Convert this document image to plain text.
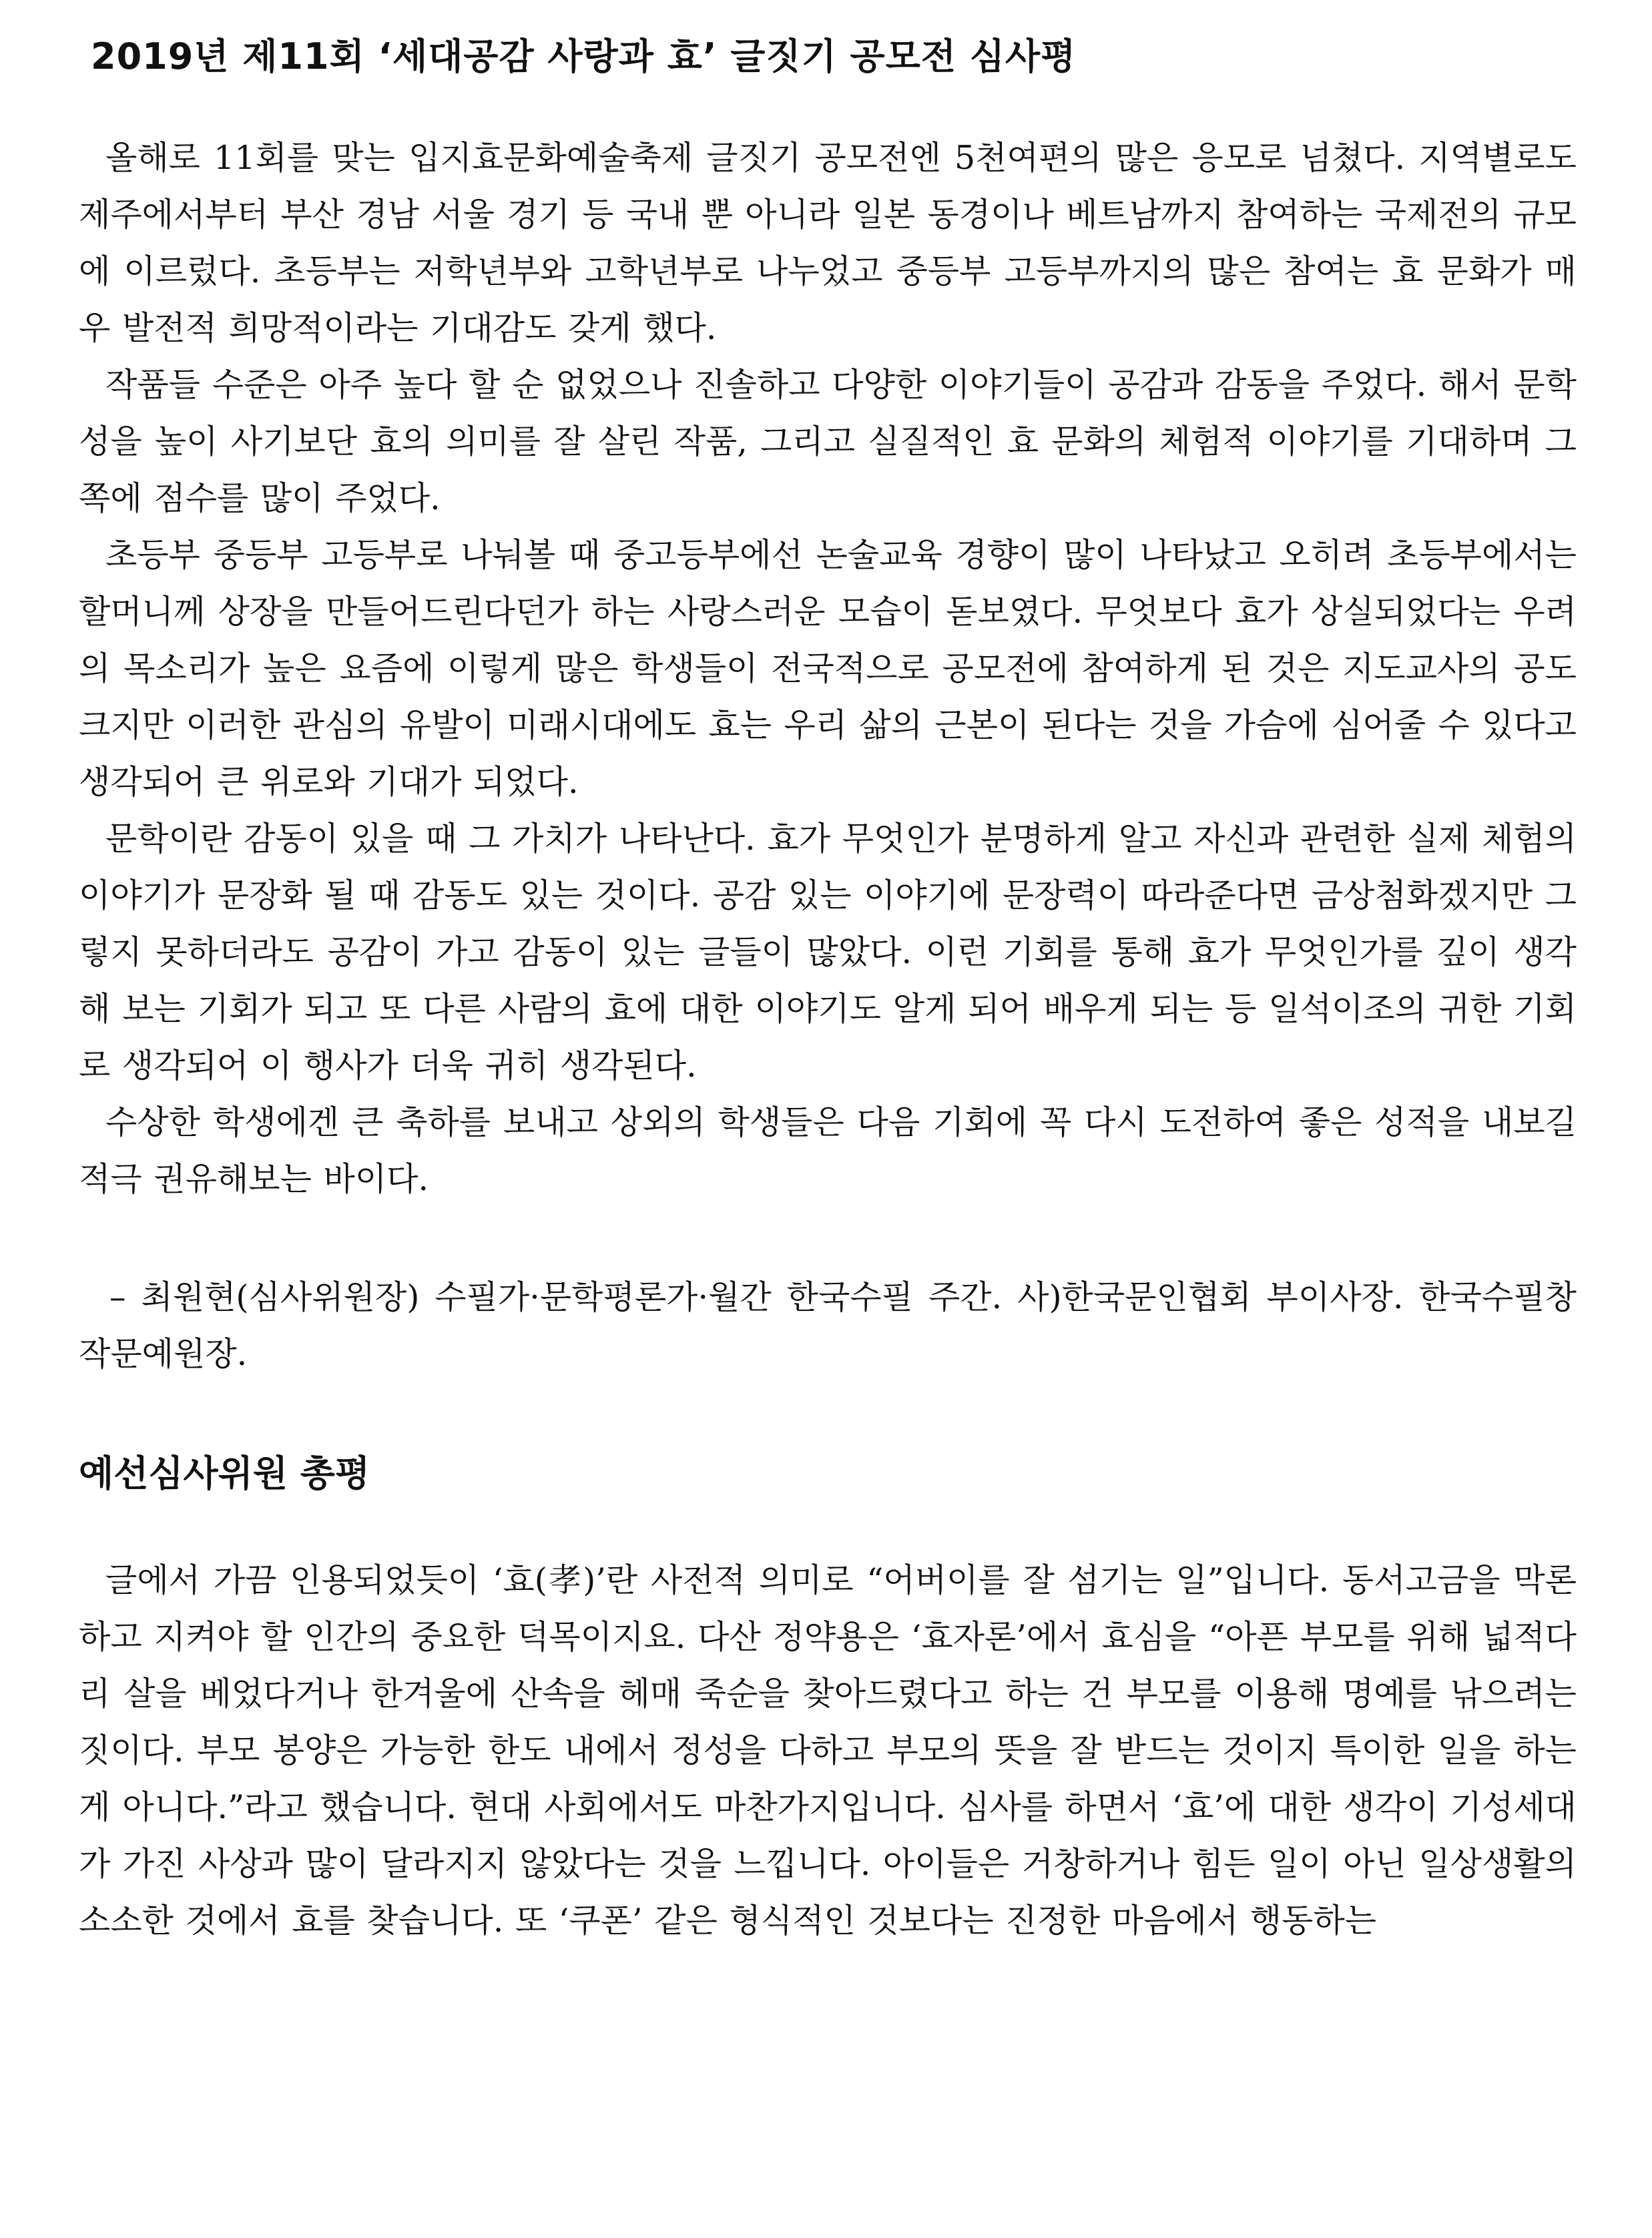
2019년 제11회 ‘세대공감 사랑과 효’ 글짓기 공모전 심사평

올해로 11회를 맞는 입지효문화예술축제 글짓기 공모전엔 5천여편의 많은 응모로 넘쳤다. 지역별로도 제주에서부터 부산 경남 서울 경기 등 국내 뿐 아니라 일본 동경이나 베트남까지 참여하는 국제전의 규모에 이르렀다. 초등부는 저학년부와 고학년부로 나누었고 중등부 고등부까지의 많은 참여는 효 문화가 매우 발전적 희망적이라는 기대감도 갖게 했다.

작품들 수준은 아주 높다 할 순 없었으나 진솔하고 다양한 이야기들이 공감과 감동을 주었다. 해서 문학성을 높이 사기보단 효의 의미를 잘 살린 작품, 그리고 실질적인 효 문화의 체험적 이야기를 기대하며 그 쪽에 점수를 많이 주었다.

초등부 중등부 고등부로 나눠볼 때 중고등부에선 논술교육 경향이 많이 나타났고 오히려 초등부에서는 할머니께 상장을 만들어드린다던가 하는 사랑스러운 모습이 돋보였다. 무엇보다 효가 상실되었다는 우려의 목소리가 높은 요즘에 이렇게 많은 학생들이 전국적으로 공모전에 참여하게 된 것은 지도교사의 공도 크지만 이러한 관심의 유발이 미래시대에도 효는 우리 삶의 근본이 된다는 것을 가슴에 심어줄 수 있다고 생각되어 큰 위로와 기대가 되었다.

문학이란 감동이 있을 때 그 가치가 나타난다. 효가 무엇인가 분명하게 알고 자신과 관련한 실제 체험의 이야기가 문장화 될 때 감동도 있는 것이다. 공감 있는 이야기에 문장력이 따라준다면 금상첨화겠지만 그렇지 못하더라도 공감이 가고 감동이 있는 글들이 많았다. 이런 기회를 통해 효가 무엇인가를 깊이 생각해 보는 기회가 되고 또 다른 사람의 효에 대한 이야기도 알게 되어 배우게 되는 등 일석이조의 귀한 기회로 생각되어 이 행사가 더욱 귀히 생각된다.

수상한 학생에겐 큰 축하를 보내고 상외의 학생들은 다음 기회에 꼭 다시 도전하여 좋은 성적을 내보길 적극 권유해보는 바이다.

– 최원현(심사위원장) 수필가·문학평론가·월간 한국수필 주간. 사)한국문인협회 부이사장. 한국수필창작문예원장.

예선심사위원 총평

글에서 가끔 인용되었듯이 ‘효(孝)’란 사전적 의미로 “어버이를 잘 섬기는 일”입니다. 동서고금을 막론하고 지켜야 할 인간의 중요한 덕목이지요. 다산 정약용은 ‘효자론’에서 효심을 “아픈 부모를 위해 넓적다리 살을 베었다거나 한겨울에 산속을 헤매 죽순을 찾아드렸다고 하는 건 부모를 이용해 명예를 낚으려는 짓이다. 부모 봉양은 가능한 한도 내에서 정성을 다하고 부모의 뜻을 잘 받드는 것이지 특이한 일을 하는 게 아니다.”라고 했습니다. 현대 사회에서도 마찬가지입니다. 심사를 하면서 ‘효’에 대한 생각이 기성세대가 가진 사상과 많이 달라지지 않았다는 것을 느낍니다. 아이들은 거창하거나 힘든 일이 아닌 일상생활의 소소한 것에서 효를 찾습니다. 또 ‘쿠폰’ 같은 형식적인 것보다는 진정한 마음에서 행동하는
